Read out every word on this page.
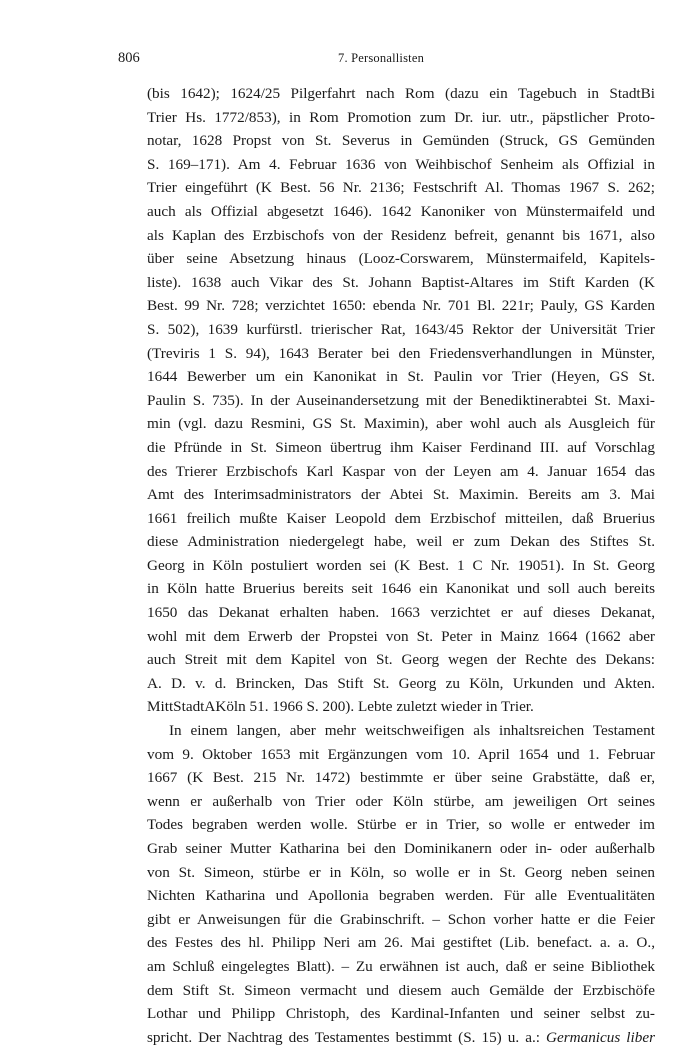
806	7. Personallisten
(bis 1642); 1624/25 Pilgerfahrt nach Rom (dazu ein Tagebuch in StadtBi
Trier Hs. 1772/853), in Rom Promotion zum Dr. iur. utr., päpstlicher Proto-
notar, 1628 Propst von St. Severus in Gemünden (Struck, GS Gemünden
S. 169–171). Am 4. Februar 1636 von Weihbischof Senheim als Offizial in
Trier eingeführt (K Best. 56 Nr. 2136; Festschrift Al. Thomas 1967 S. 262;
auch als Offizial abgesetzt 1646). 1642 Kanoniker von Münstermaifeld und
als Kaplan des Erzbischofs von der Residenz befreit, genannt bis 1671, also
über seine Absetzung hinaus (Looz-Corswarem, Münstermaifeld, Kapitels-
liste). 1638 auch Vikar des St. Johann Baptist-Altares im Stift Karden (K
Best. 99 Nr. 728; verzichtet 1650: ebenda Nr. 701 Bl. 221r; Pauly, GS Karden
S. 502), 1639 kurfürstl. trierischer Rat, 1643/45 Rektor der Universität Trier
(Treviris 1 S. 94), 1643 Berater bei den Friedensverhandlungen in Münster,
1644 Bewerber um ein Kanonikat in St. Paulin vor Trier (Heyen, GS St.
Paulin S. 735). In der Auseinandersetzung mit der Benediktinerabtei St. Maxi-
min (vgl. dazu Resmini, GS St. Maximin), aber wohl auch als Ausgleich für
die Pfründe in St. Simeon übertrug ihm Kaiser Ferdinand III. auf Vorschlag
des Trierer Erzbischofs Karl Kaspar von der Leyen am 4. Januar 1654 das
Amt des Interimsadministrators der Abtei St. Maximin. Bereits am 3. Mai
1661 freilich mußte Kaiser Leopold dem Erzbischof mitteilen, daß Bruerius
diese Administration niedergelegt habe, weil er zum Dekan des Stiftes St.
Georg in Köln postuliert worden sei (K Best. 1 C Nr. 19051). In St. Georg
in Köln hatte Bruerius bereits seit 1646 ein Kanonikat und soll auch bereits
1650 das Dekanat erhalten haben. 1663 verzichtet er auf dieses Dekanat,
wohl mit dem Erwerb der Propstei von St. Peter in Mainz 1664 (1662 aber
auch Streit mit dem Kapitel von St. Georg wegen der Rechte des Dekans:
A. D. v. d. Brincken, Das Stift St. Georg zu Köln, Urkunden und Akten.
MittStadtAKöln 51. 1966 S. 200). Lebte zuletzt wieder in Trier.
In einem langen, aber mehr weitschweifigen als inhaltsreichen Testament
vom 9. Oktober 1653 mit Ergänzungen vom 10. April 1654 und 1. Februar
1667 (K Best. 215 Nr. 1472) bestimmte er über seine Grabstätte, daß er,
wenn er außerhalb von Trier oder Köln stürbe, am jeweiligen Ort seines
Todes begraben werden wolle. Stürbe er in Trier, so wolle er entweder im
Grab seiner Mutter Katharina bei den Dominikanern oder in- oder außerhalb
von St. Simeon, stürbe er in Köln, so wolle er in St. Georg neben seinen
Nichten Katharina und Apollonia begraben werden. Für alle Eventualitäten
gibt er Anweisungen für die Grabinschrift. – Schon vorher hatte er die Feier
des Festes des hl. Philipp Neri am 26. Mai gestiftet (Lib. benefact. a. a. O.,
am Schluß eingelegtes Blatt). – Zu erwähnen ist auch, daß er seine Bibliothek
dem Stift St. Simeon vermacht und diesem auch Gemälde der Erzbischöfe
Lothar und Philipp Christoph, des Kardinal-Infanten und seiner selbst zu-
spricht. Der Nachtrag des Testamentes bestimmt (S. 15) u. a.: Germanicus liber
